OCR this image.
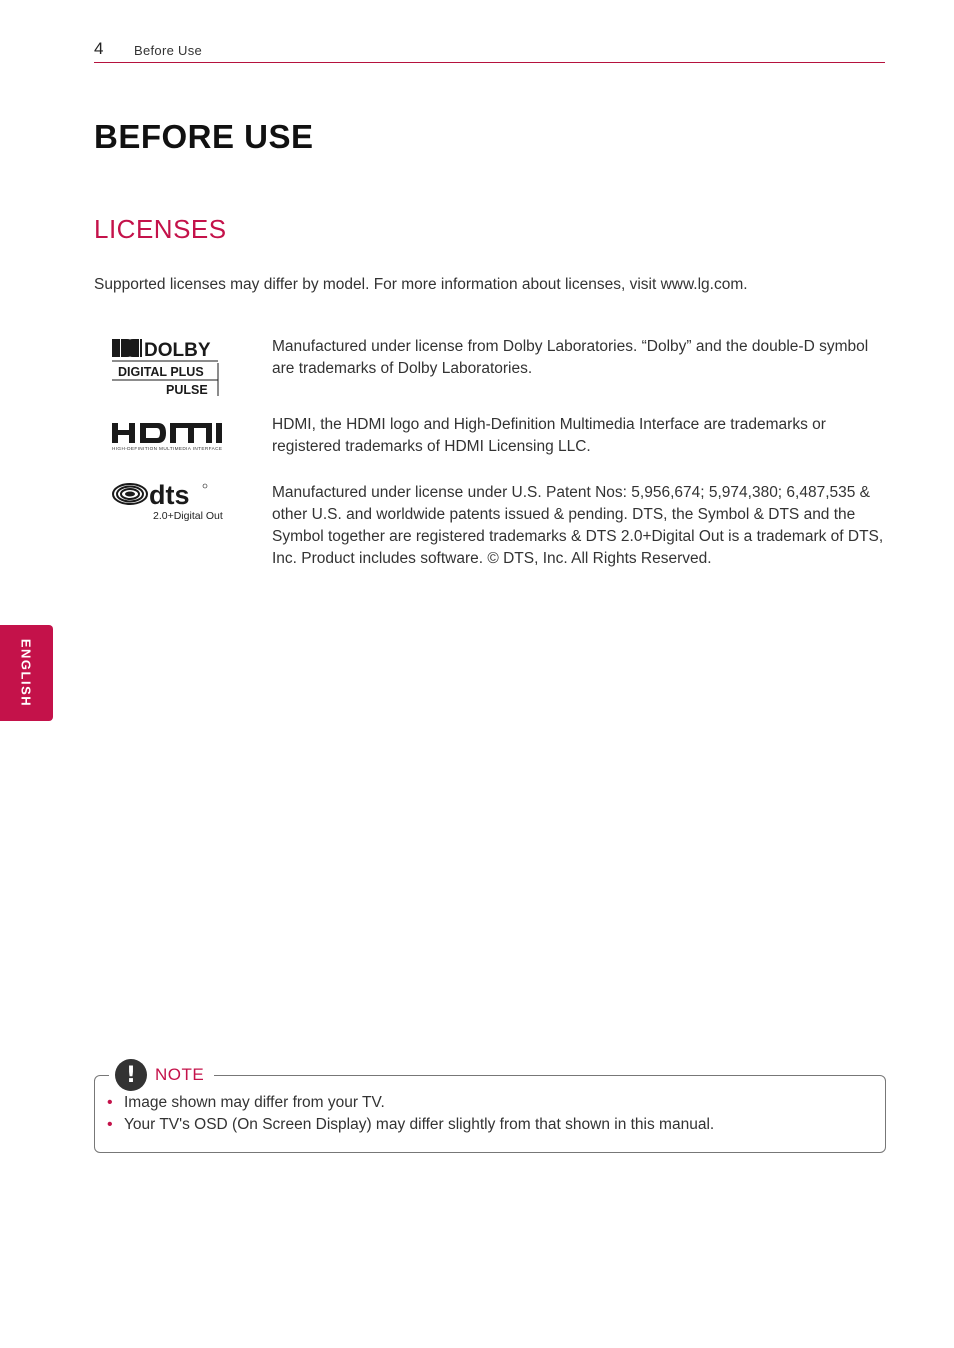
4 Before Use
BEFORE USE
LICENSES

Supported licenses may differ by model. For more information about licenses, visit www.lg.com.

DOLBY
DIGITAL PLUS
PULSE

Manufactured under license from Dolby Laboratories. “Dolby” and the double-D symbol are trademarks of Dolby Laboratories.

HIGH-DEFINITION MULTIMEDIA INTERFACE

HDMI, the HDMI logo and High-Definition Multimedia Interface are trademarks or registered trademarks of HDMI Licensing LLC.

dts
2.0+Digital Out

Manufactured under license under U.S. Patent Nos: 5,956,674; 5,974,380; 6,487,535 & other U.S. and worldwide patents issued & pending. DTS, the Symbol & DTS and the Symbol together are registered trademarks & DTS 2.0+Digital Out is a trademark of DTS, Inc. Product includes software. © DTS, Inc. All Rights Reserved.

ENGLISH
!	NOTE
• Image shown may differ from your TV.
• Your TV's OSD (On Screen Display) may differ slightly from that shown in this manual.
